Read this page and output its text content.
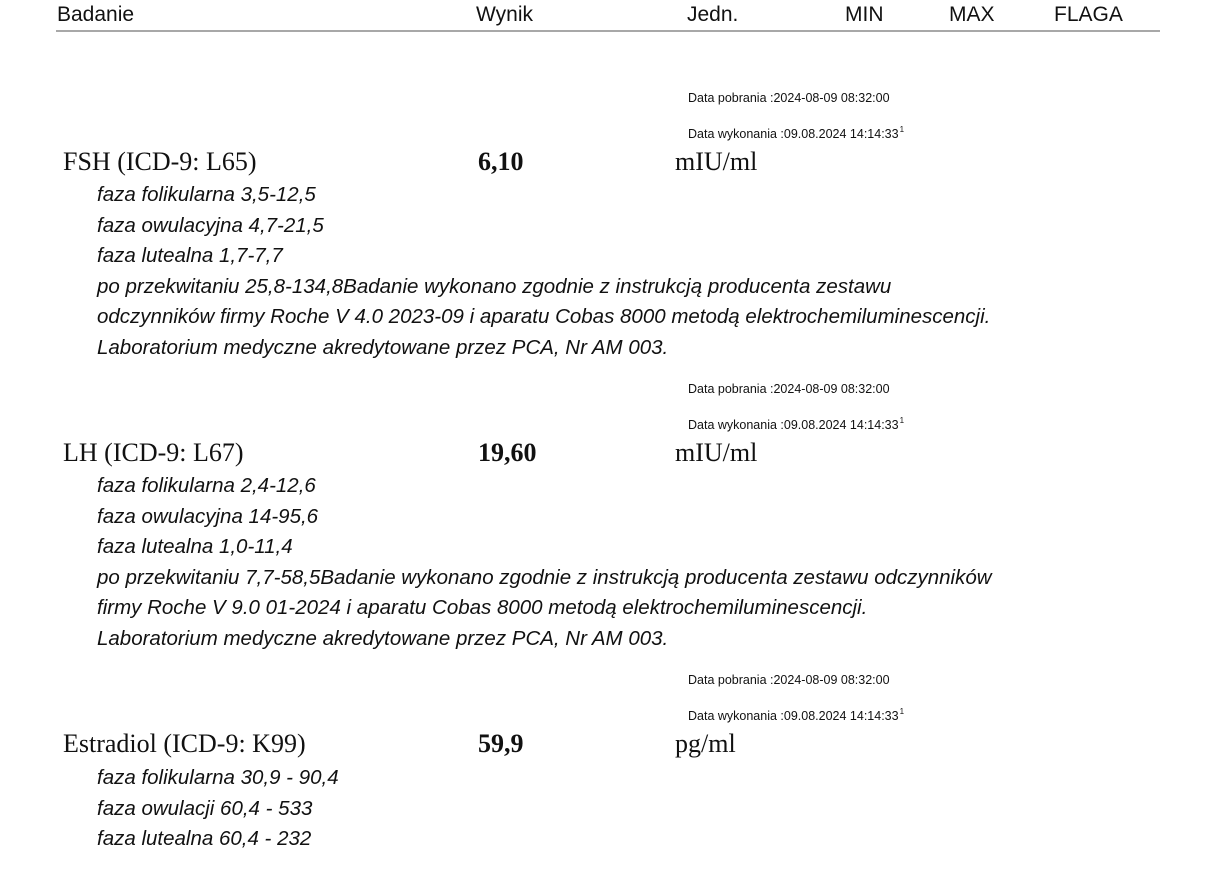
Badanie	Wynik	Jedn.	MIN	MAX	FLAGA
Data pobrania :2024-08-09 08:32:00
Data wykonania :09.08.2024 $14:14:33^1$
FSH (ICD-9: L65)	6,10	mIU/ml
faza folikularna 3,5-12,5
faza owulacyjna 4,7-21,5
faza lutealna 1,7-7,7
po przekwitaniu 25,8-134,8Badanie wykonano zgodnie z instrukcją producenta zestawu
odczynników firmy Roche V 4.0 2023-09 i aparatu Cobas 8000 metodą elektrochemiluminescencji.
Laboratorium medyczne akredytowane przez PCA, Nr AM 003.
Data pobrania :2024-08-09 08:32:00
Data wykonania :09.08.2024 $14:14:33^1$
LH (ICD-9: L67)	19,60	mIU/ml
faza folikularna 2,4-12,6
faza owulacyjna 14-95,6
faza lutealna 1,0-11,4
po przekwitaniu 7,7-58,5Badanie wykonano zgodnie z instrukcją producenta zestawu odczynników
firmy Roche V 9.0 01-2024 i aparatu Cobas 8000 metodą elektrochemiluminescencji.
Laboratorium medyczne akredytowane przez PCA, Nr AM 003.
Data pobrania :2024-08-09 08:32:00
Data wykonania :09.08.2024 $14:14:33^1$
Estradiol (ICD-9: K99)	59,9	pg/ml
faza folikularna 30,9 - 90,4
faza owulacji 60,4 - 533
faza lutealna 60,4 - 232
